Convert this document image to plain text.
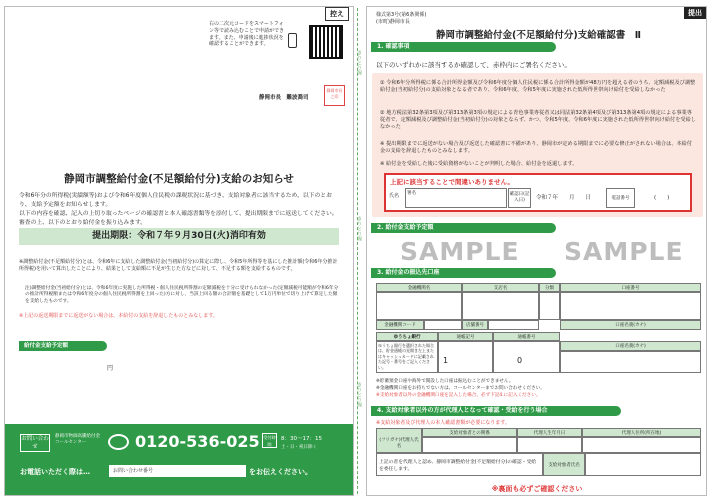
控え
右の二次元コードをスマートフォン等で読み込むことで申請ができます。また、申請後に進捗状況を確認することができます。
静岡市長　難波喬司
静岡市長之印
静岡市調整給付金(不足額給付分)支給のお知らせ
令和6年分の所得税(実績額等)および令和6年度個人住民税の課税状況に基づき、支給対象者に該当するため、以下のとおり、支給予定額をお知らせします。
以下の内容を確認、記入の上切り取ったページの確認書と本人確認書類等を添付して、提出期限までに返送してください。審査の上、以下のとおり給付金を振り込みます。
提出期限：令和７年９月30日(火)消印有効
※調整給付金(不足額給付分)とは、令和6年に支給した調整給付金(当初給付分)の算定に際し、令和5年所得等を基にした推計額(令和6年分推計所得税)を用いて算出したことにより、結果として支給額に不足が生じた方などに対して、不足する額を支給するものです。
注)調整給付金(当初給付分)とは、令和6年度に実施した所得税・個人住民税所得割の定額減税を十分に受けられなかった(定額減税可能額が令和6年分の推計所得税額または令和6年度分の個人住民税所得割を上回った)方に対し、当該上回る額の合計額を基礎として1万円単位で切り上げて算定した額を支給したものです。
※上記の返送期限までに返送がない場合は、本給付の支給を辞退したものとみなします。
給付金支給予定額
円
お問い合わせ
静岡市物価高騰給付金コールセンター	0120-536-025 受付時間
8：30～17：15
土・日・祝日除く
お電話いただく際は…	お問い合わせ番号	をお伝えください。
きりとり線
きりとり線
きりとり線
様式第3号(第6条関係)
(市町)静岡市長
提出
静岡市調整給付金(不足額給付分)支給確認書　Ⅱ
1. 確認事項
以下のいずれかに該当するか確認して、赤枠内にご署名ください。
① 令和6年分所得税に係る合計所得金額及び令和6年度分個人住民税に係る合計所得金額が48万円を超える者のうち、定額減税及び調整給付金(当初給付分)の支給対象となる者であり、令和6年度、令和5年度に実施された低所得世帯向け給付を受給しなかった
② 地方税法第32条第3項及び第313条第3項の規定による青色事業専従者又は同法第32条第4項及び第313条第4項の規定による事業専従者で、定額減税及び調整給付金(当初給付分)の対象とならず、かつ、令和5年度、令和6年度に実施された低所得世帯向け給付を受給しなかった
※ 提出期限までに返送がない場合及び返送した確認書に不備があり、静岡市が定める期限までに必要な修正がされない場合は、本給付金の支給を辞退したものとみなします。
※ 給付金を受給した後に受給資格がないことが判明した場合、給付金を返還します。
上記に該当することで間違いありません。
氏名	署名	確認日(記入日)	令和７年　　月　　日	電話番号	(　　)
2. 給付金支給予定額
SAMPLE SAMPLE
3. 給付金の振込先口座
金融機関名	支店名	分類	口座番号
金融機関コード	店舗番号	口座名義(カナ)
ゆうちょ銀行	通帳記号	通帳番号
ゆうちょ銀行を選択された場合は、貯金通帳の見開き左上またはキャッシュカードに記載された記号・番号をご記入ください。
1	0
口座名義(カナ)
※貯蓄預金口座や海外で開設した口座は振込むことができません。
※金融機関口座をお持ちでない方は、コールセンターまでお問い合わせください。
※支給対象者以外の金融機関口座を記入した場合、必ず下記4.に記入ください。
4. 支給対象者以外の方が代理人となって確認・受給を行う場合
※支給対象者及び代理人の本人確認書類が必要になります。
(フリガナ)代理人氏名
支給対象者との関係	代理人生年月日	代理人住所(所在地)
上記の者を代理人と認め、静岡市調整給付金(不足額給付分)の確認・受給を委任します。
支給対象者氏名
※裏面も必ずご確認ください
